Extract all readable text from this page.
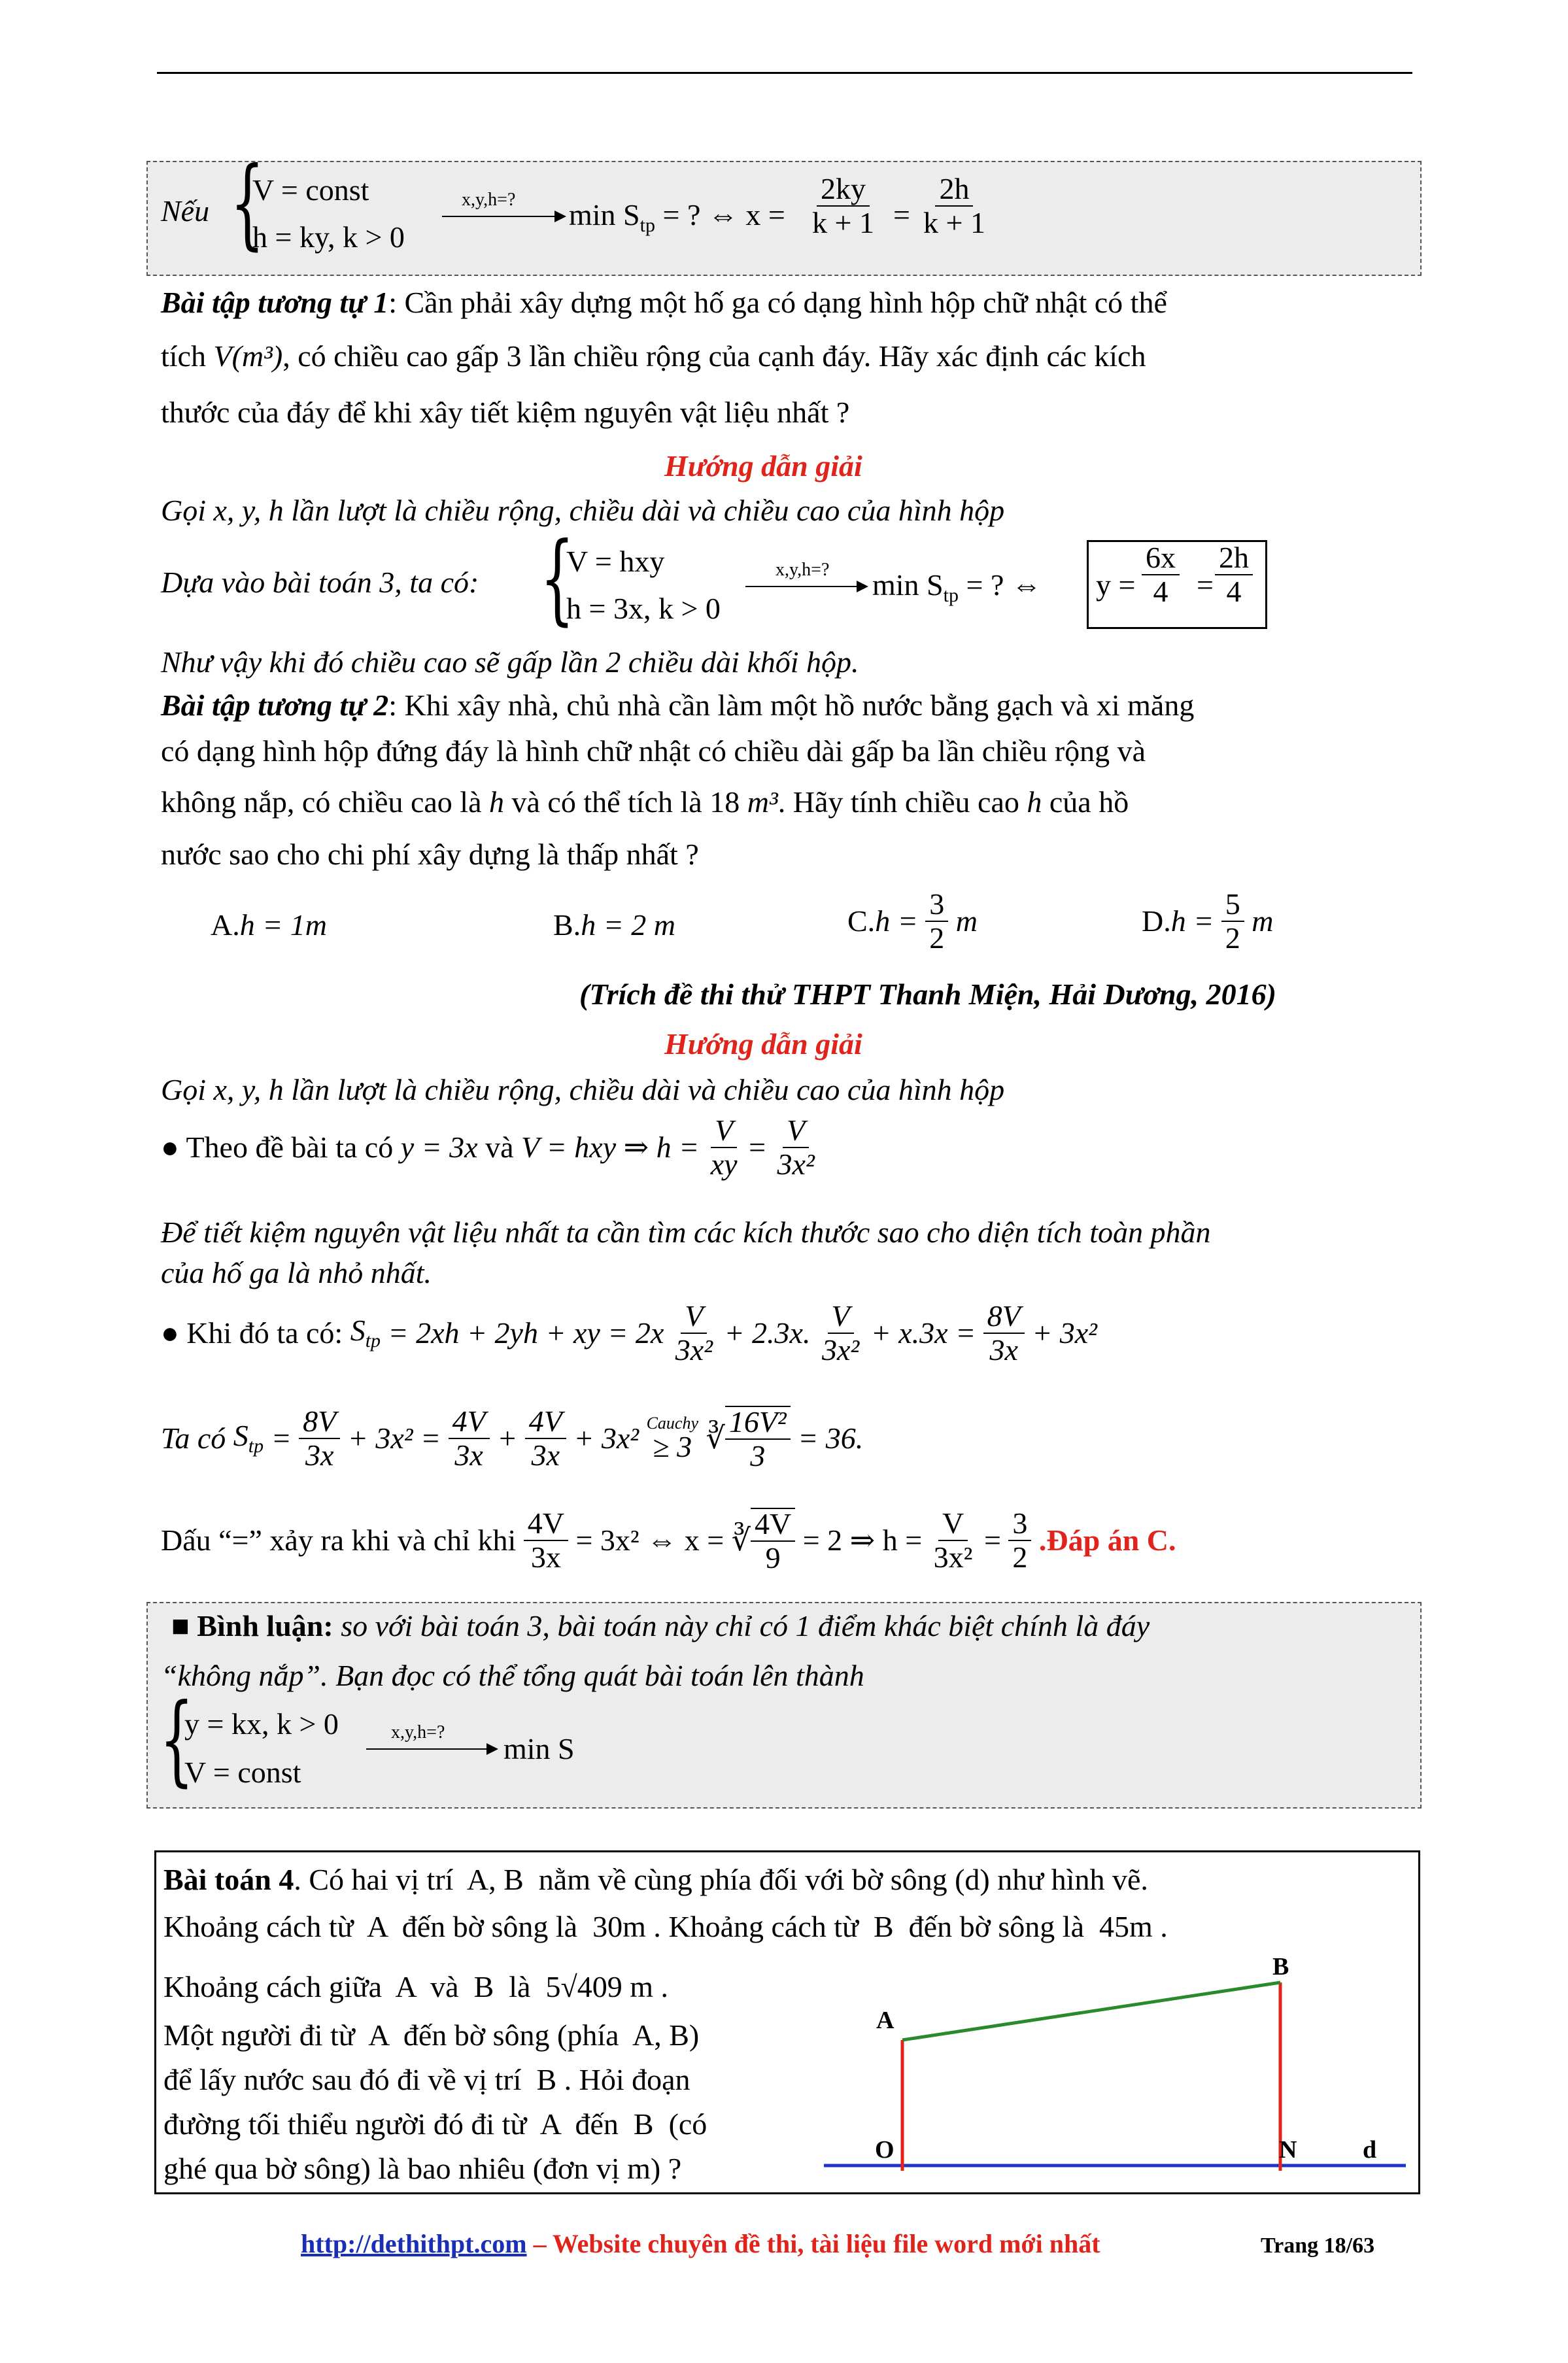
Nếu {
V = const
h = ky, k > 0
x,y,h=? $\min S_{tp}$ = ? ⇔ $x = \frac{2ky}{k + 1} = \frac{2h}{k + 1}$
Bài tập tương tự 1: Cần phải xây dựng một hố ga có dạng hình hộp chữ nhật có thể
tích V(m³), có chiều cao gấp 3 lần chiều rộng của cạnh đáy. Hãy xác định các kích
thước của đáy để khi xây tiết kiệm nguyên vật liệu nhất ?
Hướng dẫn giải
Gọi x, y, h lần lượt là chiều rộng, chiều dài và chiều cao của hình hộp
Dựa vào bài toán 3, ta có: {
V = hxy
h = 3x, k > 0
x,y,h=? $\min S_{tp}$ = ? ⇔ $y = \frac{6x}{4} = \frac{2h}{4}$
Như vậy khi đó chiều cao sẽ gấp lần 2 chiều dài khối hộp.
Bài tập tương tự 2: Khi xây nhà, chủ nhà cần làm một hồ nước bằng gạch và xi măng
có dạng hình hộp đứng đáy là hình chữ nhật có chiều dài gấp ba lần chiều rộng và
không nắp, có chiều cao là h và có thể tích là 18 m³. Hãy tính chiều cao h của hồ
nước sao cho chi phí xây dựng là thấp nhất ?
A.h = 1m	B.h = 2 m	$C.h = \frac{3}{2}$ m	$D.h = \frac{5}{2}$ m
(Trích đề thi thử THPT Thanh Miện, Hải Dương, 2016)
Hướng dẫn giải
Gọi x, y, h lần lượt là chiều rộng, chiều dài và chiều cao của hình hộp
● Theo đề bài ta có y = 3x và V = hxy ⇒ $h = \frac{V}{xy} = \frac{V}{\text{3x²}}$
Để tiết kiệm nguyên vật liệu nhất ta cần tìm các kích thước sao cho diện tích toàn phần
của hố ga là nhỏ nhất.
● Khi đó ta có: $S_{tp} = 2xh + 2yh$ + xy = $2x \frac{V}{\text{3x²}} + 2.3x$. $\frac{V}{\text{3x²}} + x.3x = \frac{8V}{3x} + 3x^2$
Ta có $S_{tp} = \frac{8V}{3x} + 3x^2 = \frac{4V}{3x} + \frac{4V}{3x} + 3x^2$ Cauchy
≥ 3 ∛ $\frac{\text{16V²}}{3} = 36$.
Dấu “=” xảy ra khi và chỉ khi $\frac{4V}{3x} = 3x^2$ ⇔ x = ∛ $\frac{4V}{9} = 2$ ⇒ $h = \frac{V}{\text{3x²}} = \frac{3}{2}$ .Đáp án C.
■ Bình luận: so với bài toán 3, bài toán này chỉ có 1 điểm khác biệt chính là đáy
“không nắp”. Bạn đọc có thể tổng quát bài toán lên thành
{
y = kx, k > 0
V = const
x,y,h=? min S
Bài toán 4. Có hai vị trí  A, B  nằm về cùng phía đối với bờ sông (d) như hình vẽ.
Khoảng cách từ  A  đến bờ sông là  30m . Khoảng cách từ  B  đến bờ sông là  45m .
Khoảng cách giữa  A  và  B  là  5√409 m .
Một người đi từ  A  đến bờ sông (phía  A, B)
để lấy nước sau đó đi về vị trí  B . Hỏi đoạn
đường tối thiểu người đó đi từ  A  đến  B  (có
ghé qua bờ sông) là bao nhiêu (đơn vị m) ?
A
B
O	N	d
http://dethithpt.com – Website chuyên đề thi, tài liệu file word mới nhất	Trang 18/63
